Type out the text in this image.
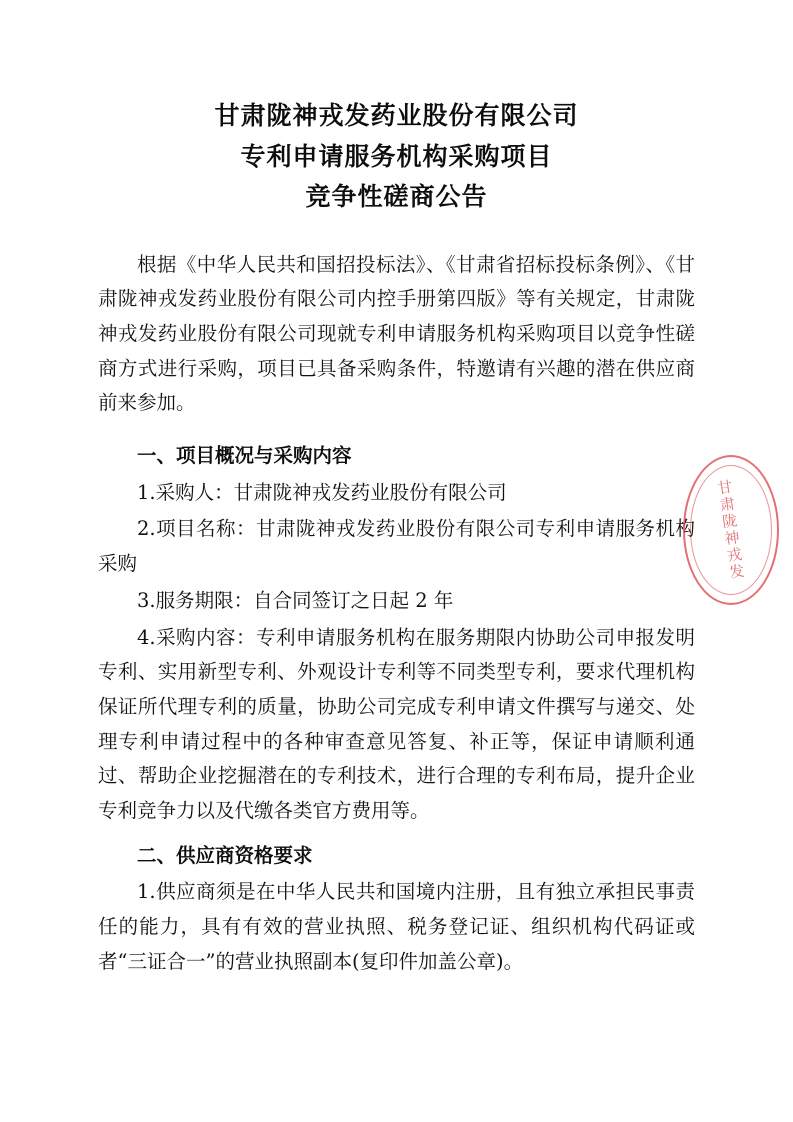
甘肃陇神戎发药业股份有限公司
专利申请服务机构采购项目
竞争性磋商公告

根据《中华人民共和国招投标法》、《甘肃省招标投标条例》、《甘肃陇神戎发药业股份有限公司内控手册第四版》等有关规定，甘肃陇神戎发药业股份有限公司现就专利申请服务机构采购项目以竞争性磋商方式进行采购，项目已具备采购条件，特邀请有兴趣的潜在供应商前来参加。

一、项目概况与采购内容

1.采购人：甘肃陇神戎发药业股份有限公司

2.项目名称：甘肃陇神戎发药业股份有限公司专利申请服务机构采购

3.服务期限：自合同签订之日起 2 年

4.采购内容：专利申请服务机构在服务期限内协助公司申报发明专利、实用新型专利、外观设计专利等不同类型专利，要求代理机构保证所代理专利的质量，协助公司完成专利申请文件撰写与递交、处理专利申请过程中的各种审查意见答复、补正等，保证申请顺利通过、帮助企业挖掘潜在的专利技术，进行合理的专利布局，提升企业专利竞争力以及代缴各类官方费用等。

二、供应商资格要求

1.供应商须是在中华人民共和国境内注册，且有独立承担民事责任的能力，具有有效的营业执照、税务登记证、组织机构代码证或者“三证合一”的营业执照副本(复印件加盖公章)。

甘肃陇神戎发
